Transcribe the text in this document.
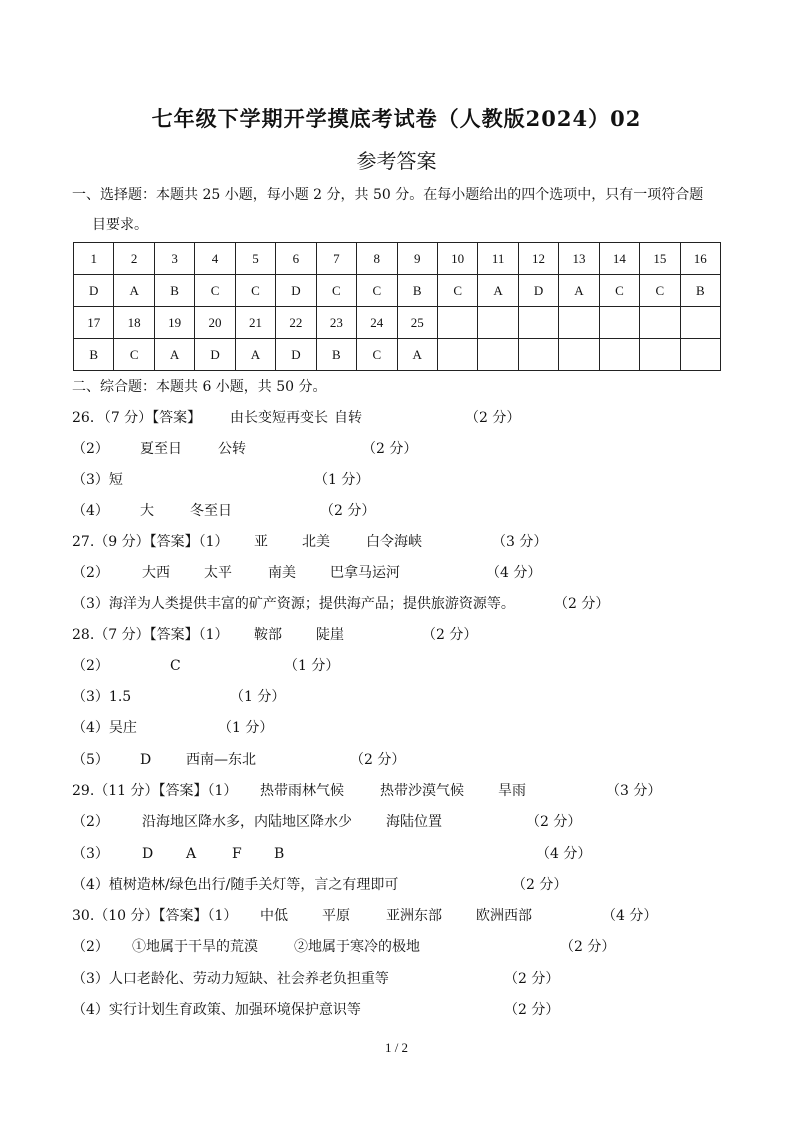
七年级下学期开学摸底考试卷（人教版2024）02
参考答案
一、选择题：本题共 25 小题，每小题 2 分，共 50 分。在每小题给出的四个选项中，只有一项符合题
目要求。
1	2	3	4	5	6	7	8	9	10	11	12	13	14	15	16
D	A	B	C	C	D	C	C	B	C	A	D	A	C	C	B
17	18	19	20	21	22	23	24	25							
B	C	A	D	A	D	B	C	A							
二、综合题：本题共 6 小题，共 50 分。
26．（7 分）【答案】 由长变短再变长 自转	（2 分）
（2） 夏至日	公转	（2 分）
（3）短	（1 分）
（4） 大	冬至日	（2 分）
27.（9 分）【答案】（1） 亚 北美	白令海峡	（3 分）
（2） 大西 太平	南美 巴拿马运河	（4 分）
（3）海洋为人类提供丰富的矿产资源；提供海产品；提供旅游资源等。	（2 分）
28.（7 分）【答案】（1） 鞍部 陡崖	（2 分）
（2）	C	（1 分）
（3）1.5	（1 分）
（4）吴庄	（1 分）
（5） D 西南—东北	（2 分）
29.（11 分）【答案】（1） 热带雨林气候	热带沙漠气候 旱雨	（3 分）
（2） 沿海地区降水多，内陆地区降水少 海陆位置	（2 分）
（3） D A	F B	（4 分）
（4）植树造林/绿色出行/随手关灯等，言之有理即可	（2 分）
30.（10 分）【答案】（1） 中低 平原	亚洲东部 欧洲西部	（4 分）
（2） ①地属于干旱的荒漠	②地属于寒冷的极地	（2 分）
（3）人口老龄化、劳动力短缺、社会养老负担重等	（2 分）
（4）实行计划生育政策、加强环境保护意识等	（2 分）
1 / 2
